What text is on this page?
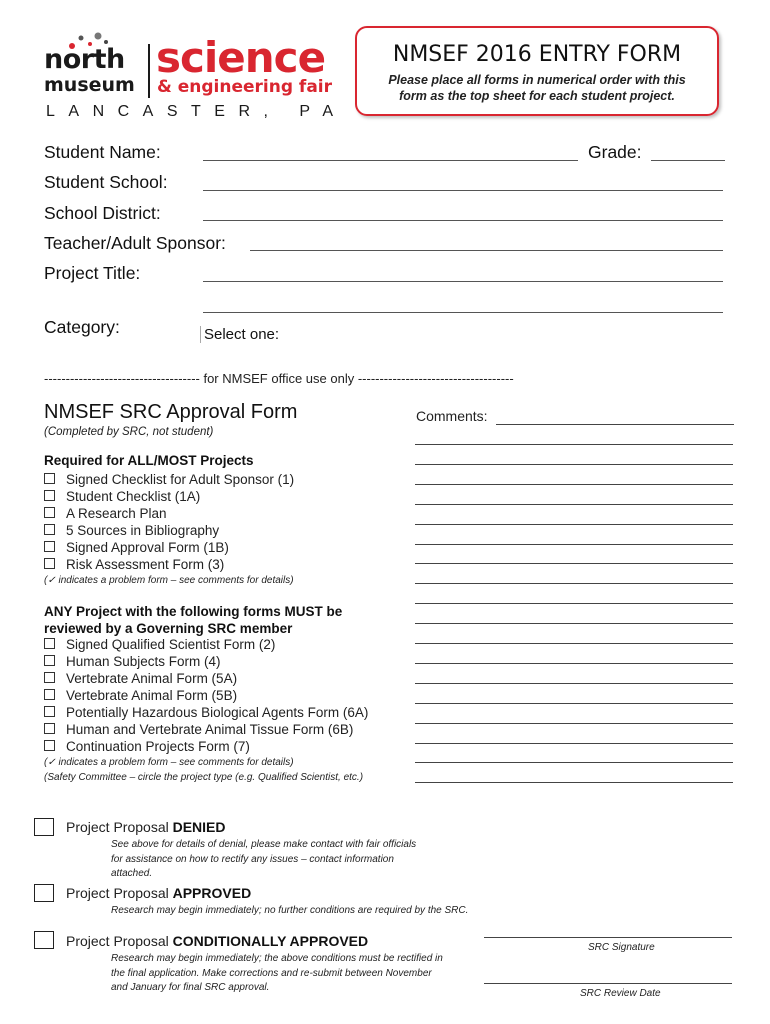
north
museum
science
& engineering fair
LANCASTER, PA
NMSEF 2016 ENTRY FORM
Please place all forms in numerical order with this
form as the top sheet for each student project.
Student Name:	Grade:
Student School:
School District:
Teacher/Adult Sponsor:
Project Title:
Category:	Select one:
------------------------------------ for NMSEF office use only ------------------------------------
NMSEF SRC Approval Form
(Completed by SRC, not student)
Required for ALL/MOST Projects
Signed Checklist for Adult Sponsor (1)
Student Checklist (1A)
A Research Plan
5 Sources in Bibliography
Signed Approval Form (1B)
Risk Assessment Form (3)
(✓ indicates a problem form – see comments for details)
ANY Project with the following forms MUST be
reviewed by a Governing SRC member
Signed Qualified Scientist Form (2)
Human Subjects Form (4)
Vertebrate Animal Form (5A)
Vertebrate Animal Form (5B)
Potentially Hazardous Biological Agents Form (6A)
Human and Vertebrate Animal Tissue Form (6B)
Continuation Projects Form (7)
(✓ indicates a problem form – see comments for details)
(Safety Committee – circle the project type (e.g. Qualified Scientist, etc.)
Comments:
Project Proposal DENIED
See above for details of denial, please make contact with fair officials
for assistance on how to rectify any issues – contact information
attached.
Project Proposal APPROVED
Research may begin immediately; no further conditions are required by the SRC.
Project Proposal CONDITIONALLY APPROVED
Research may begin immediately; the above conditions must be rectified in
the final application. Make corrections and re-submit between November
and January for final SRC approval.
SRC Signature
SRC Review Date
